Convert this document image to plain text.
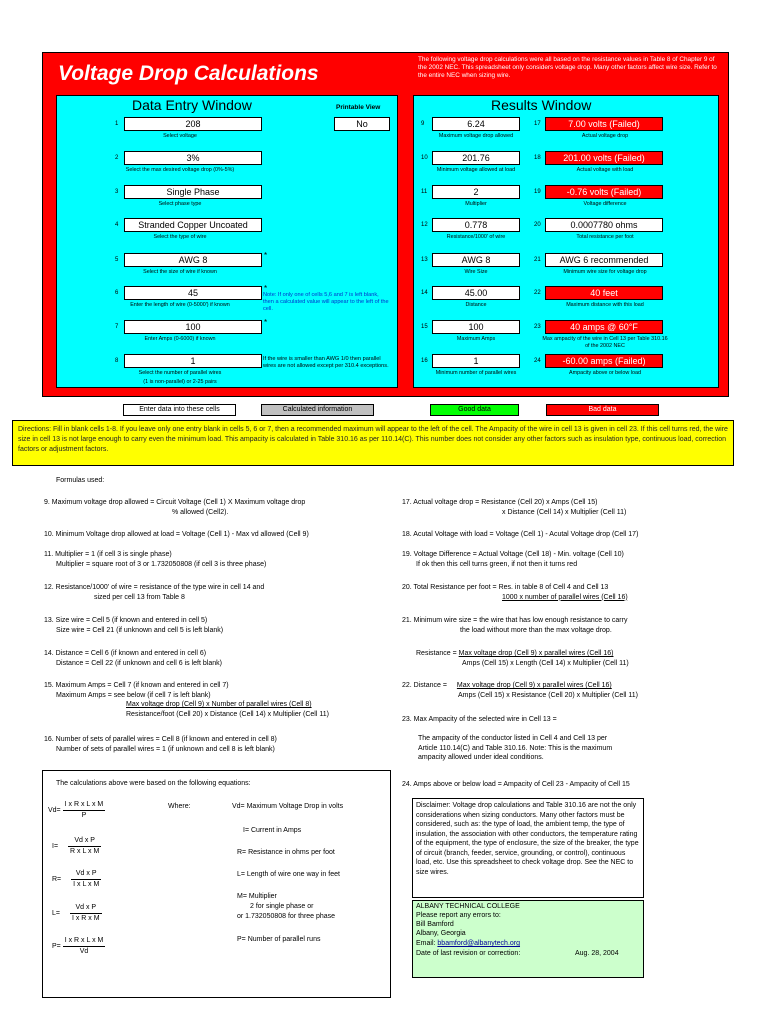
Voltage Drop Calculations
The following voltage drop calculations were all based on the resistance values in Table 8 of Chapter 9 of the 2002 NEC. This spreadsheet only considers voltage drop. Many other factors affect wire size. Refer to the entire NEC when sizing wire.
Data Entry Window	Printable View
No
1	208
Select voltage
2	3%
Select the max desired voltage drop (0%-5%)
3	Single Phase
Select phase type
4	Stranded Copper Uncoated
Select the type of wire
5	AWG 8
Select the size of wire if known
*
6	45
Enter the length of wire (0-5000') if known
*
7	100
Enter Amps (0-6000) if known
*
8	1
Select the number of parallel wires
Note: If only one of cells 5,6 and 7 is left blank, then a calculated value will appear to the left of the cell.
If the wire is smaller than AWG 1/0 then parallel wires are not allowed except per 310.4 exceptions.
(1 is non-parallel) or 2-25 pairs
Results Window
9	6.24
Maximum voltage drop allowed
10	201.76
Minimum voltage allowed at load
11	2
Multiplier
12	0.778
Resistance/1000' of wire
13	AWG 8
Wire Size
14	45.00
Distance
15	100
Maximum Amps
16	1
Minimum number of parallel wires
17	7.00 volts (Failed)
Actual voltage drop
18	201.00 volts (Failed)
Actual voltage with load
19	-0.76 volts (Failed)
Voltage difference
20	0.0007780 ohms
Total resistance per foot
21	AWG 6 recommended
Minimum wire size for voltage drop
22	40 feet
Maximum distance with this load
23	40 amps @ 60°F
Max ampacity of the wire in Cell 13 per Table 310.16 of the 2002 NEC
24	-60.00 amps (Failed)
Ampacity above or below load
Enter data into these cells	Calculated information	Good data	Bad data
Directions: Fill in blank cells 1-8. If you leave only one entry blank in cells 5, 6 or 7, then a recommended maximum will appear to the left of the cell. The Ampacity of the wire in cell 13 is given in cell 23. If this cell turns red, the wire size in cell 13 is not large enough to carry even the minimum load. This ampacity is calculated in Table 310.16 as per 110.14(C). This number does not consider any other factors such as insulation type, continuous load, correction factors or adjustment factors.
Formulas used:
9. Maximum voltage drop allowed = Circuit Voltage (Cell 1) X Maximum voltage drop
% allowed (Cell2).
10. Minimum Voltage drop allowed at load = Voltage (Cell 1) - Max vd allowed (Cell 9)
11. Multiplier = 1 (if cell 3 is single phase)
Multiplier = square root of 3 or 1.732050808 (if cell 3 is three phase)
12. Resistance/1000' of wire = resistance of the type wire in cell 14 and
sized per cell 13 from Table 8
13. Size wire = Cell 5 (if known and entered in cell 5)
Size wire = Cell 21 (if unknown and cell 5 is left blank)
14. Distance = Cell 6 (if known and entered in cell 6)
Distance = Cell 22 (if unknown and cell 6 is left blank)
15. Maximum Amps = Cell 7 (if known and entered in cell 7)
Maximum Amps = see below (if cell 7 is left blank)
Max voltage drop (Cell 9) x Number of parallel wires (Cell 8)
Resistance/foot (Cell 20) x Distance (Cell 14) x Multiplier (Cell 11)
16. Number of sets of parallel wires = Cell 8 (if known and entered in cell 8)
Number of sets of parallel wires = 1 (if unknown and cell 8 is left blank)
17. Actual voltage drop = Resistance (Cell 20) x Amps (Cell 15)
x Distance (Cell 14) x Multiplier (Cell 11)
18. Acutal Voltage with load = Voltage (Cell 1) - Acutal Voltage drop (Cell 17)
19. Voltage Difference = Actual Voltage (Cell 18) - Min. voltage (Cell 10)
If ok then this cell turns green, if not then it turns red
20. Total Resistance per foot = Res. in table 8 of Cell 4 and Cell 13
1000 x number of parallel wires (Cell 16)
21. Minimum wire size = the wire that has low enough resistance to carry
the load without more than the max voltage drop.
Resistance = Max voltage drop (Cell 9) x parallel wires (Cell 16)
Amps (Cell 15) x Length (Cell 14) x Multiplier (Cell 11)
22. Distance = Max voltage drop (Cell 9) x parallel wires (Cell 16)
Amps (Cell 15) x Resistance (Cell 20) x Multiplier (Cell 11)
23. Max Ampacity of the selected wire in Cell 13 =

The ampacity of the conductor listed in Cell 4 and Cell 13 per
Article 110.14(C) and Table 310.16. Note: This is the maximum
ampacity allowed under ideal conditions.
24. Amps above or below load = Ampacity of Cell 23 - Ampacity of Cell 15
The calculations above were based on the following equations:
$Vd= \frac{\text{I x R x L x M}}{P}$
$I= \frac{\text{Vd x P}}{\text{R x L x M}}$
$R= \frac{\text{Vd x P}}{\text{I x L x M}}$
$L= \frac{\text{Vd x P}}{\text{I x R x M}}$
$P= \frac{\text{I x R x L x M}}{Vd}$
Where:	Vd= Maximum Voltage Drop in volts
I= Current in Amps
R= Resistance in ohms per foot
L= Length of wire one way in feet
M= Multiplier
2 for single phase or
or 1.732050808 for three phase
P= Number of parallel runs
Disclaimer: Voltage drop calculations and Table 310.16 are not the only considerations when sizing conductors. Many other factors must be considered, such as: the type of load, the ambient temp, the type of insulation, the association with other conductors, the temperature rating of the equipment, the type of enclosure, the size of the breaker, the type of circuit (branch, feeder, service, grounding, or control), continuous load, etc. Use this spreadsheet to check voltage drop. See the NEC to size wires.
ALBANY TECHNICAL COLLEGE
Please report any errors to:
Bill Bamford
Albany, Georgia
Email: bbamford@albanytech.org
Date of last revision or correction:	Aug. 28, 2004
